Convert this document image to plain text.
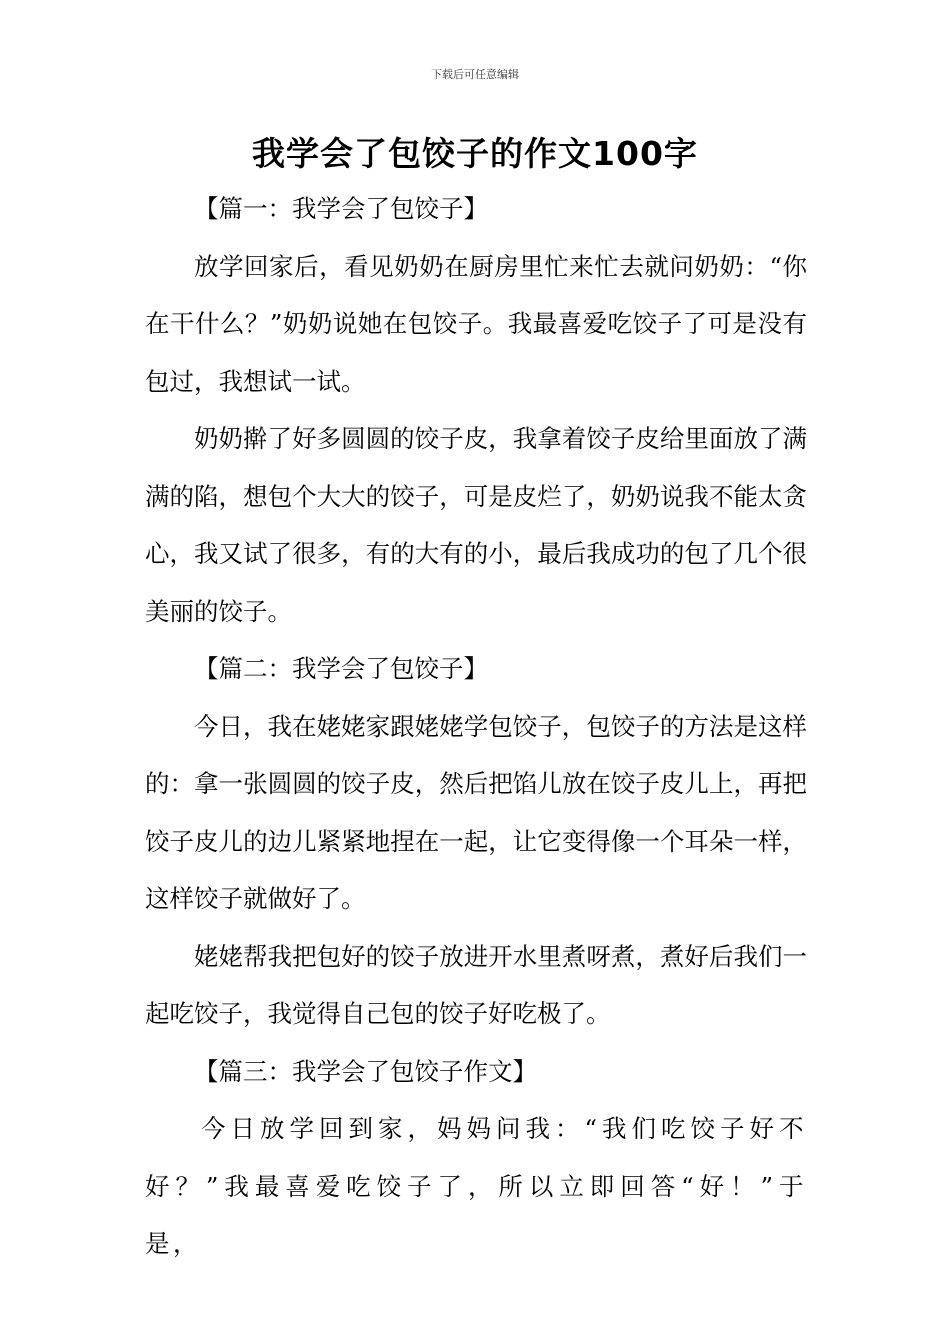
下载后可任意编辑
我学会了包饺子的作文100字

【篇一：我学会了包饺子】

放学回家后，看见奶奶在厨房里忙来忙去就问奶奶：“你在干什么？”奶奶说她在包饺子。我最喜爱吃饺子了可是没有包过，我想试一试。

奶奶擀了好多圆圆的饺子皮，我拿着饺子皮给里面放了满满的陷，想包个大大的饺子，可是皮烂了，奶奶说我不能太贪心，我又试了很多，有的大有的小，最后我成功的包了几个很美丽的饺子。

【篇二：我学会了包饺子】

今日，我在姥姥家跟姥姥学包饺子，包饺子的方法是这样的：拿一张圆圆的饺子皮，然后把馅儿放在饺子皮儿上，再把饺子皮儿的边儿紧紧地捏在一起，让它变得像一个耳朵一样，这样饺子就做好了。

姥姥帮我把包好的饺子放进开水里煮呀煮，煮好后我们一起吃饺子，我觉得自己包的饺子好吃极了。

【篇三：我学会了包饺子作文】

今日放学回到家，妈妈问我：“我们吃饺子好不好？”我最喜爱吃饺子了，所以立即回答“好！”于是，
